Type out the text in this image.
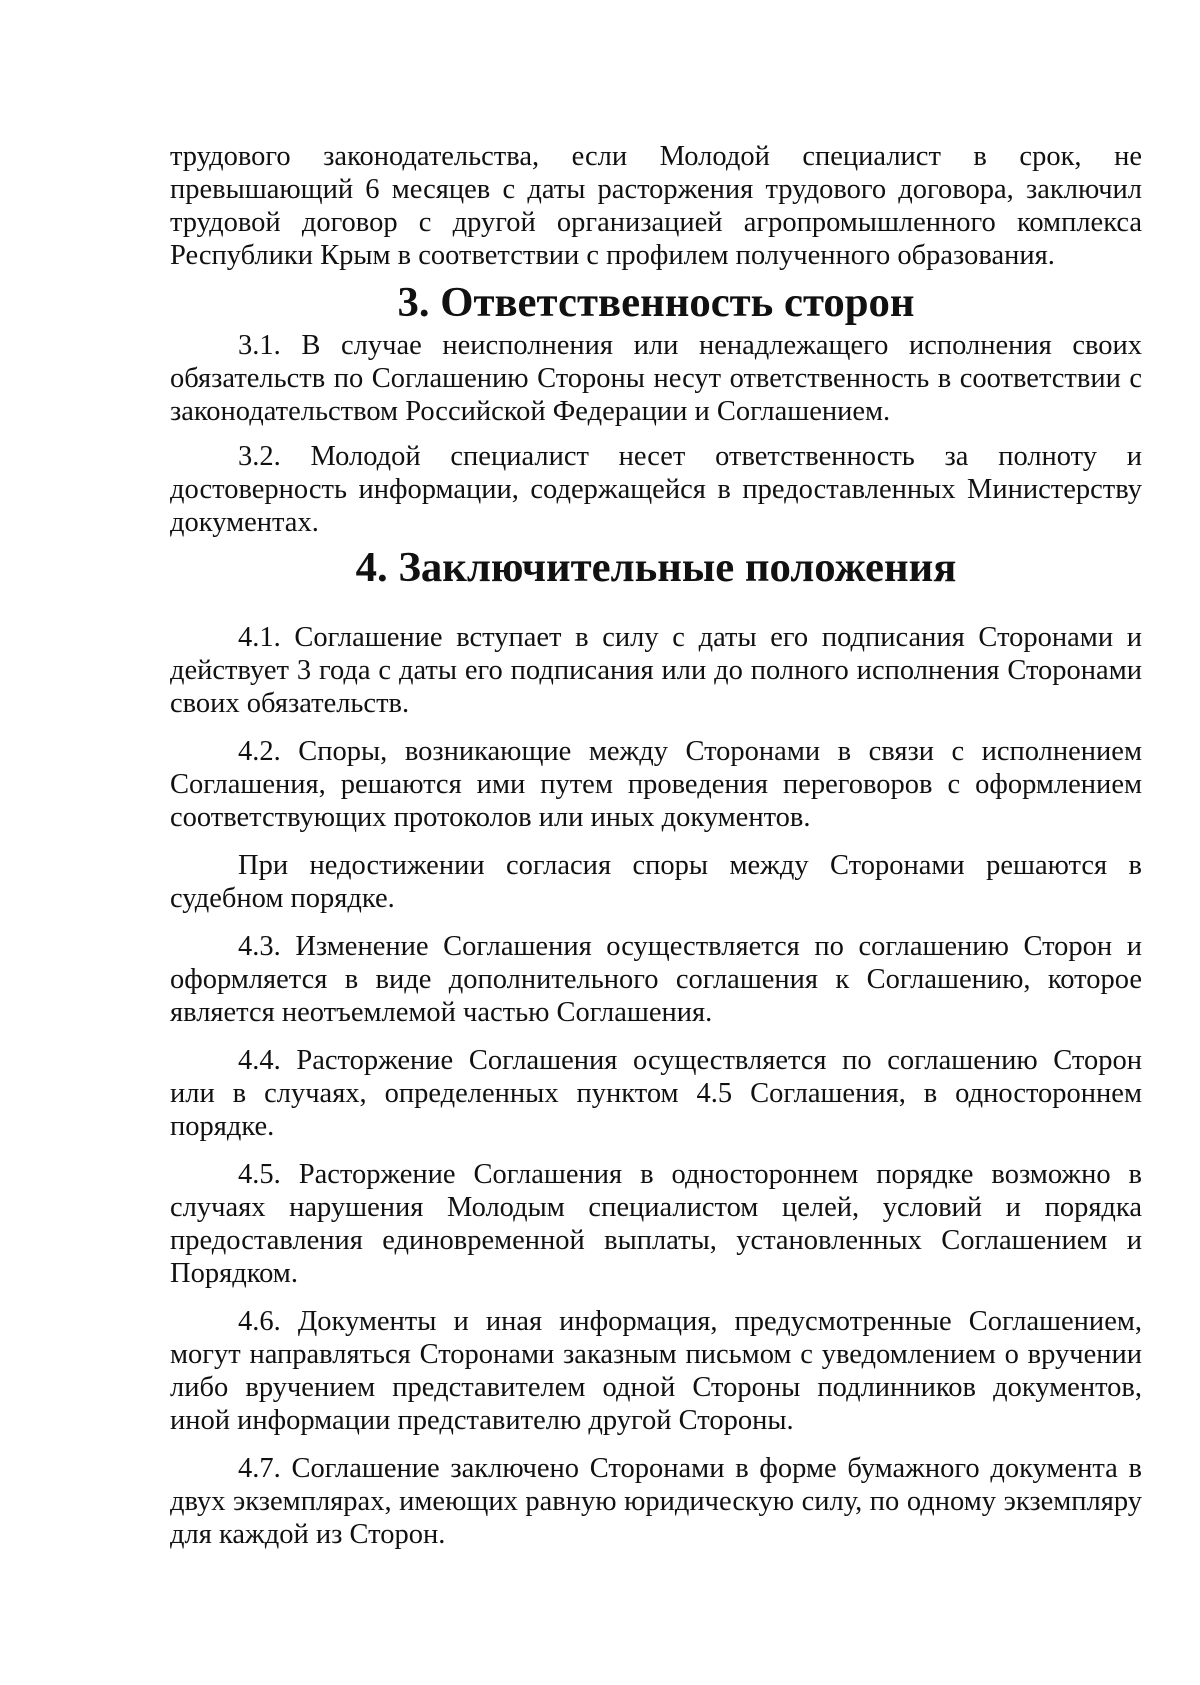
трудового законодательства, если Молодой специалист в срок, не превышающий 6 месяцев с даты расторжения трудового договора, заключил трудовой договор с другой организацией агропромышленного комплекса Республики Крым в соответствии с профилем полученного образования.

3. Ответственность сторон

3.1. В случае неисполнения или ненадлежащего исполнения своих обязательств по Соглашению Стороны несут ответственность в соответствии с законодательством Российской Федерации и Соглашением.

3.2. Молодой специалист несет ответственность за полноту и достоверность информации, содержащейся в предоставленных Министерству документах.

4. Заключительные положения

4.1. Соглашение вступает в силу с даты его подписания Сторонами и действует 3 года с даты его подписания или до полного исполнения Сторонами своих обязательств.

4.2. Споры, возникающие между Сторонами в связи с исполнением Соглашения, решаются ими путем проведения переговоров с оформлением соответствующих протоколов или иных документов.

При недостижении согласия споры между Сторонами решаются в судебном порядке.

4.3. Изменение Соглашения осуществляется по соглашению Сторон и оформляется в виде дополнительного соглашения к Соглашению, которое является неотъемлемой частью Соглашения.

4.4. Расторжение Соглашения осуществляется по соглашению Сторон или в случаях, определенных пунктом 4.5 Соглашения, в одностороннем порядке.

4.5. Расторжение Соглашения в одностороннем порядке возможно в случаях нарушения Молодым специалистом целей, условий и порядка предоставления единовременной выплаты, установленных Соглашением и Порядком.

4.6. Документы и иная информация, предусмотренные Соглашением, могут направляться Сторонами заказным письмом с уведомлением о вручении либо вручением представителем одной Стороны подлинников документов, иной информации представителю другой Стороны.

4.7. Соглашение заключено Сторонами в форме бумажного документа в двух экземплярах, имеющих равную юридическую силу, по одному экземпляру для каждой из Сторон.
